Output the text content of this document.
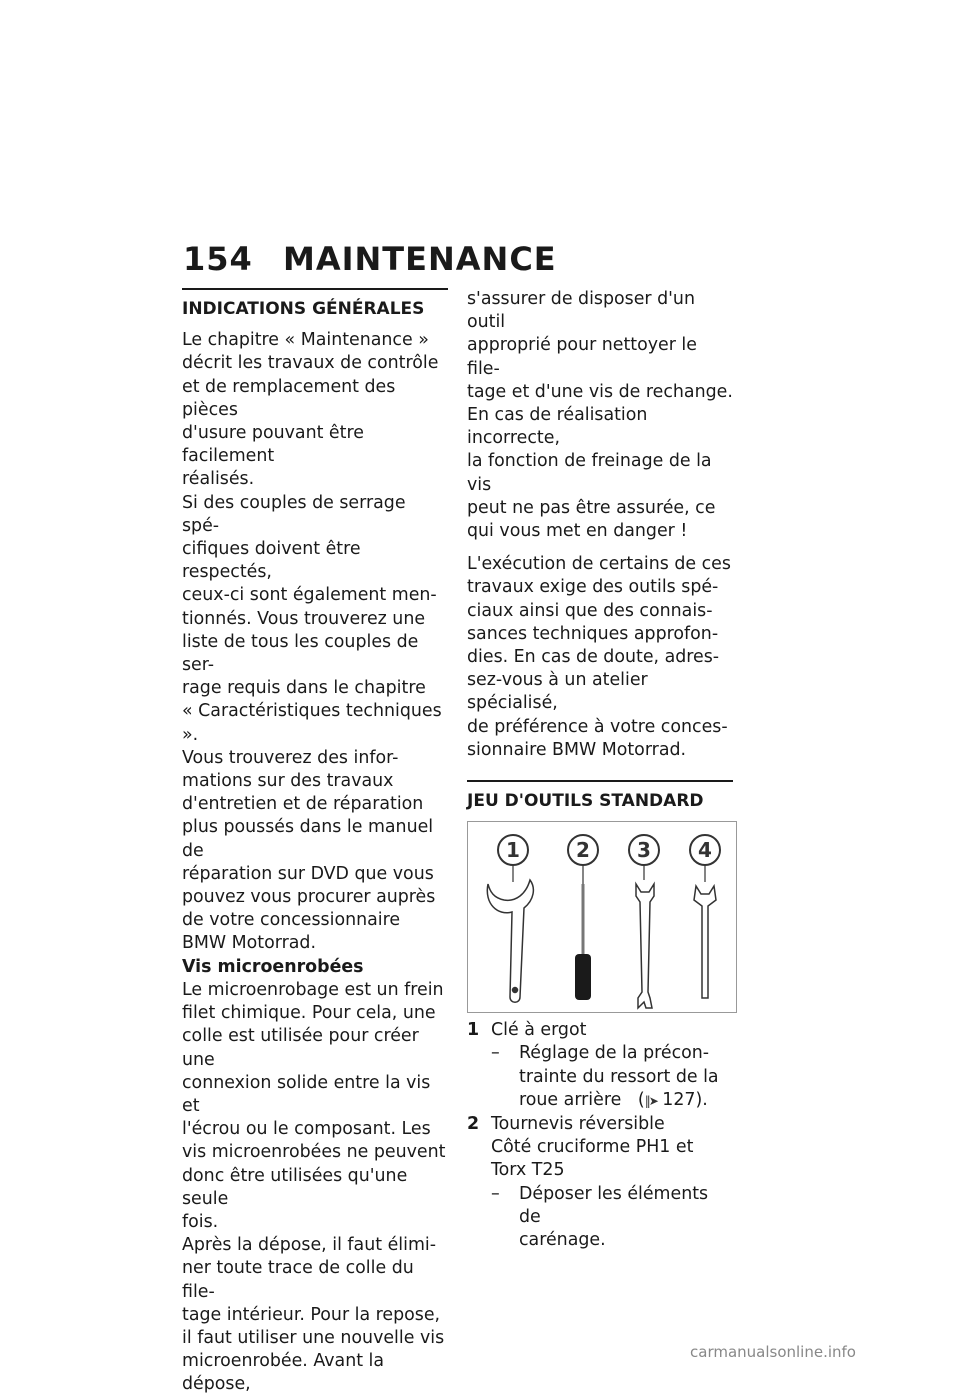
154 MAINTENANCE
INDICATIONS GÉNÉRALES

Le chapitre « Maintenance »
décrit les travaux de contrôle
et de remplacement des pièces
d'usure pouvant être facilement
réalisés.

Si des couples de serrage spé-
cifiques doivent être respectés,
ceux-ci sont également men-
tionnés. Vous trouverez une
liste de tous les couples de ser-
rage requis dans le chapitre
« Caractéristiques techniques ».

Vous trouverez des infor-
mations sur des travaux
d'entretien et de réparation
plus poussés dans le manuel de
réparation sur DVD que vous
pouvez vous procurer auprès
de votre concessionnaire
BMW Motorrad.

Vis microenrobées

Le microenrobage est un frein
filet chimique. Pour cela, une
colle est utilisée pour créer une
connexion solide entre la vis et
l'écrou ou le composant. Les
vis microenrobées ne peuvent
donc être utilisées qu'une seule
fois.

Après la dépose, il faut élimi-
ner toute trace de colle du file-
tage intérieur. Pour la repose,
il faut utiliser une nouvelle vis
microenrobée. Avant la dépose,

s'assurer de disposer d'un outil
approprié pour nettoyer le file-
tage et d'une vis de rechange.
En cas de réalisation incorrecte,
la fonction de freinage de la vis
peut ne pas être assurée, ce
qui vous met en danger !

L'exécution de certains de ces
travaux exige des outils spé-
ciaux ainsi que des connais-
sances techniques approfon-
dies. En cas de doute, adres-
sez-vous à un atelier spécialisé,
de préférence à votre conces-
sionnaire BMW Motorrad.

JEU D'OUTILS STANDARD
1	2 3 4
1 Clé à ergot
– Réglage de la précon-
trainte du ressort de la
roue arrière   (‖➤ 127).
2 Tournevis réversible
Côté cruciforme PH1 et
Torx T25
– Déposer les éléments de
carénage.
carmanualsonline.info
